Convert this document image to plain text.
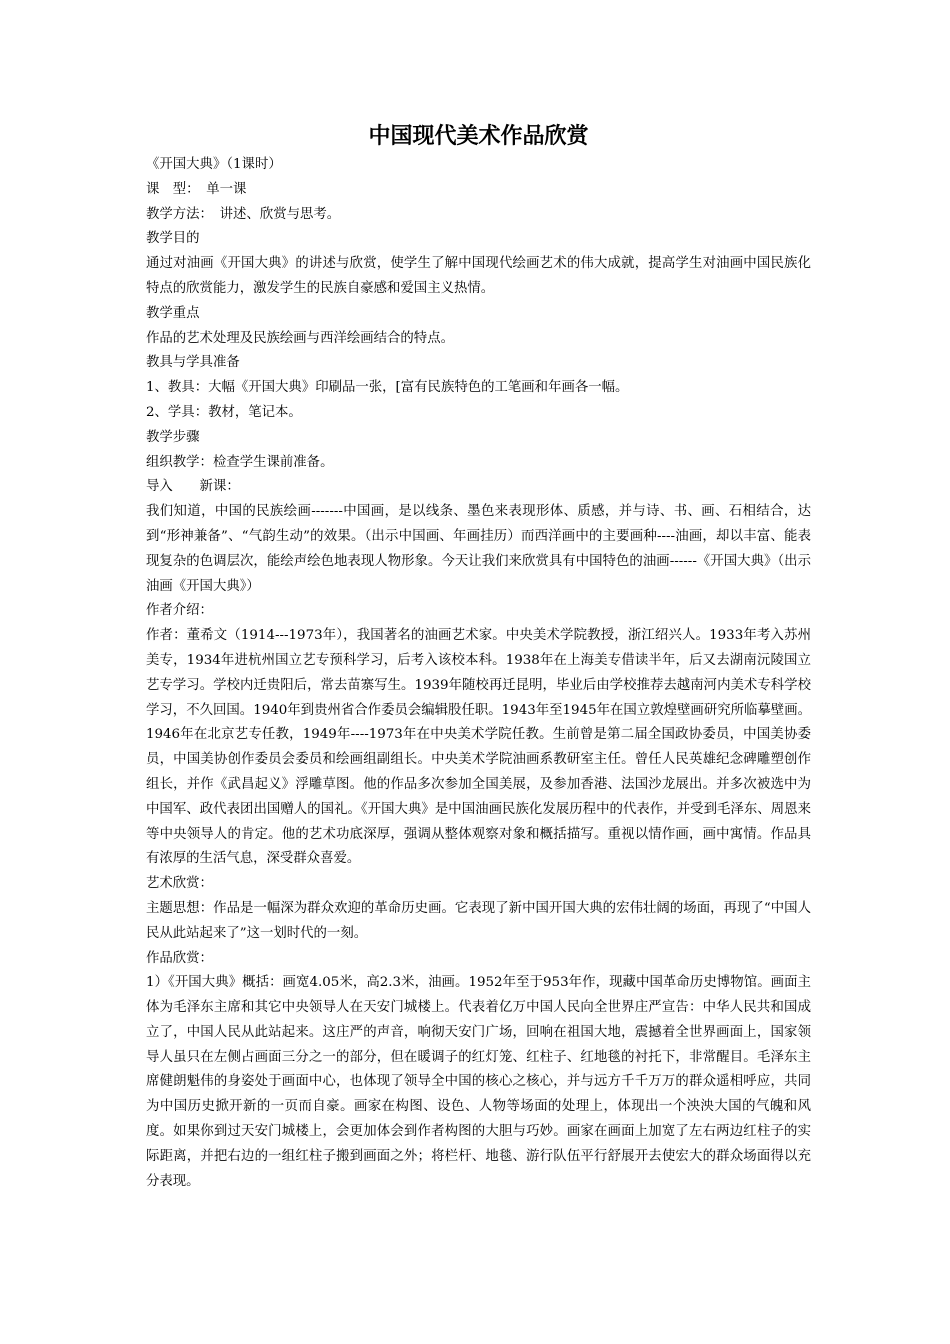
中国现代美术作品欣赏

《开国大典》（1课时）

课　型：　单一课

教学方法：　讲述、欣赏与思考。

教学目的

通过对油画《开国大典》的讲述与欣赏，使学生了解中国现代绘画艺术的伟大成就，提高学生对油画中国民族化特点的欣赏能力，激发学生的民族自豪感和爱国主义热情。

教学重点

作品的艺术处理及民族绘画与西洋绘画结合的特点。

教具与学具准备

1、教具：大幅《开国大典》印刷品一张，[富有民族特色的工笔画和年画各一幅。

2、学具：教材，笔记本。

教学步骤

组织教学：检查学生课前准备。

导入　　新课：

我们知道，中国的民族绘画-------中国画，是以线条、墨色来表现形体、质感，并与诗、书、画、石相结合，达到“形神兼备”、“气韵生动”的效果。（出示中国画、年画挂历）而西洋画中的主要画种----油画，却以丰富、能表现复杂的色调层次，能绘声绘色地表现人物形象。今天让我们来欣赏具有中国特色的油画------《开国大典》（出示油画《开国大典》）

作者介绍：

作者：董希文（1914---1973年），我国著名的油画艺术家。中央美术学院教授，浙江绍兴人。1933年考入苏州美专，1934年进杭州国立艺专预科学习，后考入该校本科。1938年在上海美专借读半年，后又去湖南沅陵国立艺专学习。学校内迁贵阳后，常去苗寨写生。1939年随校再迁昆明，毕业后由学校推荐去越南河内美术专科学校学习，不久回国。1940年到贵州省合作委员会编辑股任职。1943年至1945年在国立敦煌壁画研究所临摹壁画。1946年在北京艺专任教，1949年----1973年在中央美术学院任教。生前曾是第二届全国政协委员，中国美协委员，中国美协创作委员会委员和绘画组副组长。中央美术学院油画系教研室主任。曾任人民英雄纪念碑雕塑创作组长，并作《武昌起义》浮雕草图。他的作品多次参加全国美展，及参加香港、法国沙龙展出。并多次被选中为中国军、政代表团出国赠人的国礼。《开国大典》是中国油画民族化发展历程中的代表作，并受到毛泽东、周恩来等中央领导人的肯定。他的艺术功底深厚，强调从整体观察对象和概括描写。重视以情作画，画中寓情。作品具有浓厚的生活气息，深受群众喜爱。

艺术欣赏：

主题思想：作品是一幅深为群众欢迎的革命历史画。它表现了新中国开国大典的宏伟壮阔的场面，再现了“中国人民从此站起来了”这一划时代的一刻。

作品欣赏：

1）《开国大典》概括：画宽4.05米，高2.3米，油画。1952年至于953年作，现藏中国革命历史博物馆。画面主体为毛泽东主席和其它中央领导人在天安门城楼上。代表着亿万中国人民向全世界庄严宣告：中华人民共和国成立了，中国人民从此站起来。这庄严的声音，响彻天安门广场，回响在祖国大地，震撼着全世界画面上，国家领导人虽只在左侧占画面三分之一的部分，但在暖调子的红灯笼、红柱子、红地毯的衬托下，非常醒目。毛泽东主席健朗魁伟的身姿处于画面中心，也体现了领导全中国的核心之核心，并与远方千千万万的群众遥相呼应，共同为中国历史掀开新的一页而自豪。画家在构图、设色、人物等场面的处理上，体现出一个泱泱大国的气魄和风度。如果你到过天安门城楼上，会更加体会到作者构图的大胆与巧妙。画家在画面上加宽了左右两边红柱子的实际距离，并把右边的一组红柱子搬到画面之外；将栏杆、地毯、游行队伍平行舒展开去使宏大的群众场面得以充分表现。
